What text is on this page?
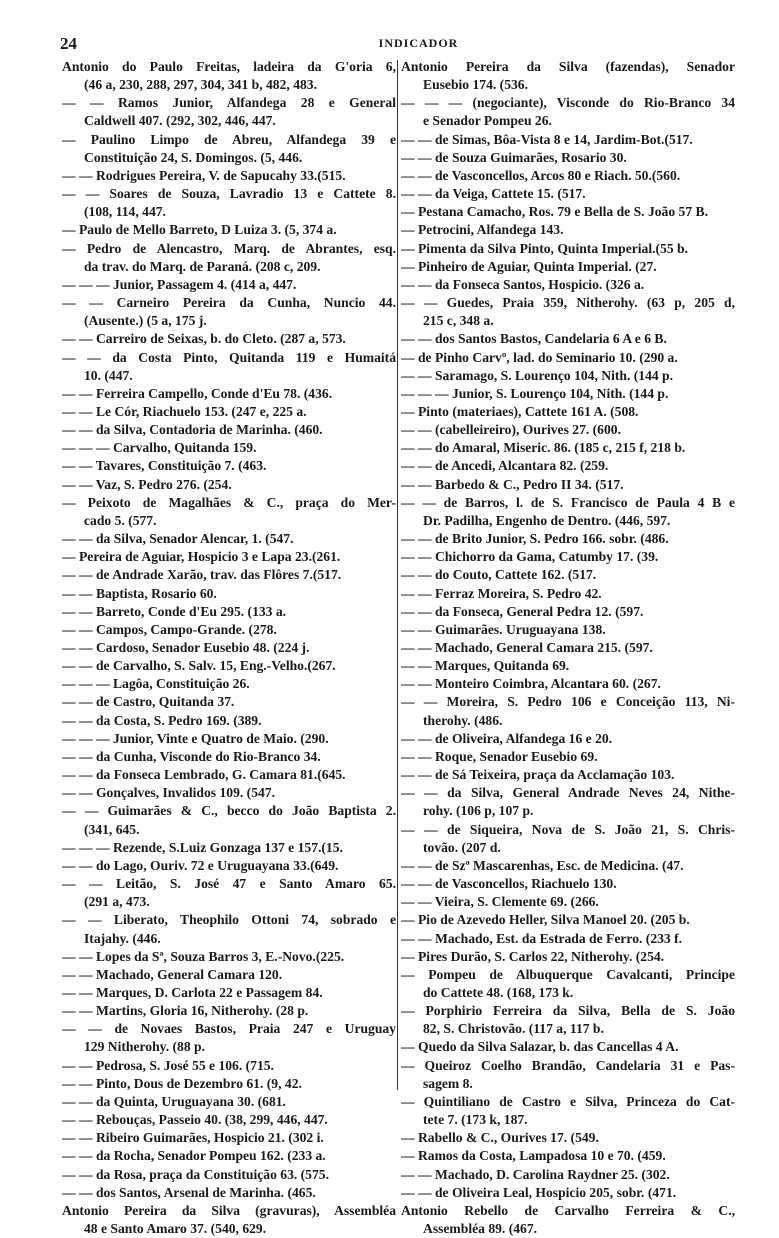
24	INDICADOR
Antonio do Paulo Freitas, ladeira da G'oria 6,
(46 a, 230, 288, 297, 304, 341 b, 482, 483.
— — Ramos Junior, Alfandega 28 e General
Caldwell 407. (292, 302, 446, 447.
— Paulino Limpo de Abreu, Alfandega 39 e
Constituição 24, S. Domingos. (5, 446.
— — Rodrigues Pereira, V. de Sapucahy 33.(515.
— — Soares de Souza, Lavradio 13 e Cattete 8.
(108, 114, 447.
— Paulo de Mello Barreto, D Luiza 3. (5, 374 a.
— Pedro de Alencastro, Marq. de Abrantes, esq.
da trav. do Marq. de Paraná. (208 c, 209.
— — — Junior, Passagem 4. (414 a, 447.
— — Carneiro Pereira da Cunha, Nuncio 44.
(Ausente.) (5 a, 175 j.
— — Carreiro de Seixas, b. do Cleto. (287 a, 573.
— — da Costa Pinto, Quitanda 119 e Humaitá
10. (447.
— — Ferreira Campello, Conde d'Eu 78. (436.
— — Le Cór, Riachuelo 153. (247 e, 225 a.
— — da Silva, Contadoria de Marinha. (460.
— — — Carvalho, Quitanda 159.
— — Tavares, Constituição 7. (463.
— — Vaz, S. Pedro 276. (254.
— Peixoto de Magalhães & C., praça do Mer-
cado 5. (577.
— — da Silva, Senador Alencar, 1. (547.
— Pereira de Aguiar, Hospicio 3 e Lapa 23.(261.
— — de Andrade Xarão, trav. das Flôres 7.(517.
— — Baptista, Rosario 60.
— — Barreto, Conde d'Eu 295. (133 a.
— — Campos, Campo-Grande. (278.
— — Cardoso, Senador Eusebio 48. (224 j.
— — de Carvalho, S. Salv. 15, Eng.-Velho.(267.
— — — Lagôa, Constituição 26.
— — de Castro, Quitanda 37.
— — da Costa, S. Pedro 169. (389.
— — — Junior, Vinte e Quatro de Maio. (290.
— — da Cunha, Visconde do Rio-Branco 34.
— — da Fonseca Lembrado, G. Camara 81.(645.
— — Gonçalves, Invalidos 109. (547.
— — Guimarães & C., becco do João Baptista 2.
(341, 645.
— — — Rezende, S.Luiz Gonzaga 137 e 157.(15.
— — do Lago, Ouriv. 72 e Uruguayana 33.(649.
— — Leitão, S. José 47 e Santo Amaro 65.
(291 a, 473.
— — Liberato, Theophilo Ottoni 74, sobrado e
Itajahy. (446.
— — Lopes da Sª, Souza Barros 3, E.-Novo.(225.
— — Machado, General Camara 120.
— — Marques, D. Carlota 22 e Passagem 84.
— — Martins, Gloria 16, Nitherohy. (28 p.
— — de Novaes Bastos, Praia 247 e Uruguay
129 Nitherohy. (88 p.
— — Pedrosa, S. José 55 e 106. (715.
— — Pinto, Dous de Dezembro 61. (9, 42.
— — da Quinta, Uruguayana 30. (681.
— — Rebouças, Passeio 40. (38, 299, 446, 447.
— — Ribeiro Guimarães, Hospicio 21. (302 i.
— — da Rocha, Senador Pompeu 162. (233 a.
— — da Rosa, praça da Constituição 63. (575.
— — dos Santos, Arsenal de Marinha. (465.
Antonio Pereira da Silva (gravuras), Assembléa
48 e Santo Amaro 37. (540, 629.
Antonio Pereira da Silva (fazendas), Senador
Eusebio 174. (536.
— — — (negociante), Visconde do Rio-Branco 34
e Senador Pompeu 26.
— — de Simas, Bôa-Vista 8 e 14, Jardim-Bot.(517.
— — de Souza Guimarães, Rosario 30.
— — de Vasconcellos, Arcos 80 e Riach. 50.(560.
— — da Veiga, Cattete 15. (517.
— Pestana Camacho, Ros. 79 e Bella de S. João 57 B.
— Petrocini, Alfandega 143.
— Pimenta da Silva Pinto, Quinta Imperial.(55 b.
— Pinheiro de Aguiar, Quinta Imperial. (27.
— — da Fonseca Santos, Hospicio. (326 a.
— — Guedes, Praia 359, Nitherohy. (63 p, 205 d,
215 c, 348 a.
— — dos Santos Bastos, Candelaria 6 A e 6 B.
— de Pinho Carvº, lad. do Seminario 10. (290 a.
— — Saramago, S. Lourenço 104, Nith. (144 p.
— — — Junior, S. Lourenço 104, Nith. (144 p.
— Pinto (materiaes), Cattete 161 A. (508.
— — (cabelleireiro), Ourives 27. (600.
— — do Amaral, Miseric. 86. (185 c, 215 f, 218 b.
— — de Ancedi, Alcantara 82. (259.
— — Barbedo & C., Pedro II 34. (517.
— — de Barros, l. de S. Francisco de Paula 4 B e
Dr. Padilha, Engenho de Dentro. (446, 597.
— — de Brito Junior, S. Pedro 166. sobr. (486.
— — Chichorro da Gama, Catumby 17. (39.
— — do Couto, Cattete 162. (517.
— — Ferraz Moreira, S. Pedro 42.
— — da Fonseca, General Pedra 12. (597.
— — Guimarães. Uruguayana 138.
— — Machado, General Camara 215. (597.
— — Marques, Quitanda 69.
— — Monteiro Coimbra, Alcantara 60. (267.
— — Moreira, S. Pedro 106 e Conceição 113, Ni-
therohy. (486.
— — de Oliveira, Alfandega 16 e 20.
— — Roque, Senador Eusebio 69.
— — de Sá Teixeira, praça da Acclamação 103.
— — da Silva, General Andrade Neves 24, Nithe-
rohy. (106 p, 107 p.
— — de Siqueira, Nova de S. João 21, S. Chris-
tovão. (207 d.
— — de Szª Mascarenhas, Esc. de Medicina. (47.
— — de Vasconcellos, Riachuelo 130.
— — Vieira, S. Clemente 69. (266.
— Pio de Azevedo Heller, Silva Manoel 20. (205 b.
— — Machado, Est. da Estrada de Ferro. (233 f.
— Pires Durão, S. Carlos 22, Nitherohy. (254.
— Pompeu de Albuquerque Cavalcanti, Principe
do Cattete 48. (168, 173 k.
— Porphirio Ferreira da Silva, Bella de S. João
82, S. Christovão. (117 a, 117 b.
— Quedo da Silva Salazar, b. das Cancellas 4 A.
— Queiroz Coelho Brandão, Candelaria 31 e Pas-
sagem 8.
— Quintiliano de Castro e Silva, Princeza do Cat-
tete 7. (173 k, 187.
— Rabello & C., Ourives 17. (549.
— Ramos da Costa, Lampadosa 10 e 70. (459.
— — Machado, D. Carolina Raydner 25. (302.
— — de Oliveira Leal, Hospicio 205, sobr. (471.
Antonio Rebello de Carvalho Ferreira & C.,
Assembléa 89. (467.
